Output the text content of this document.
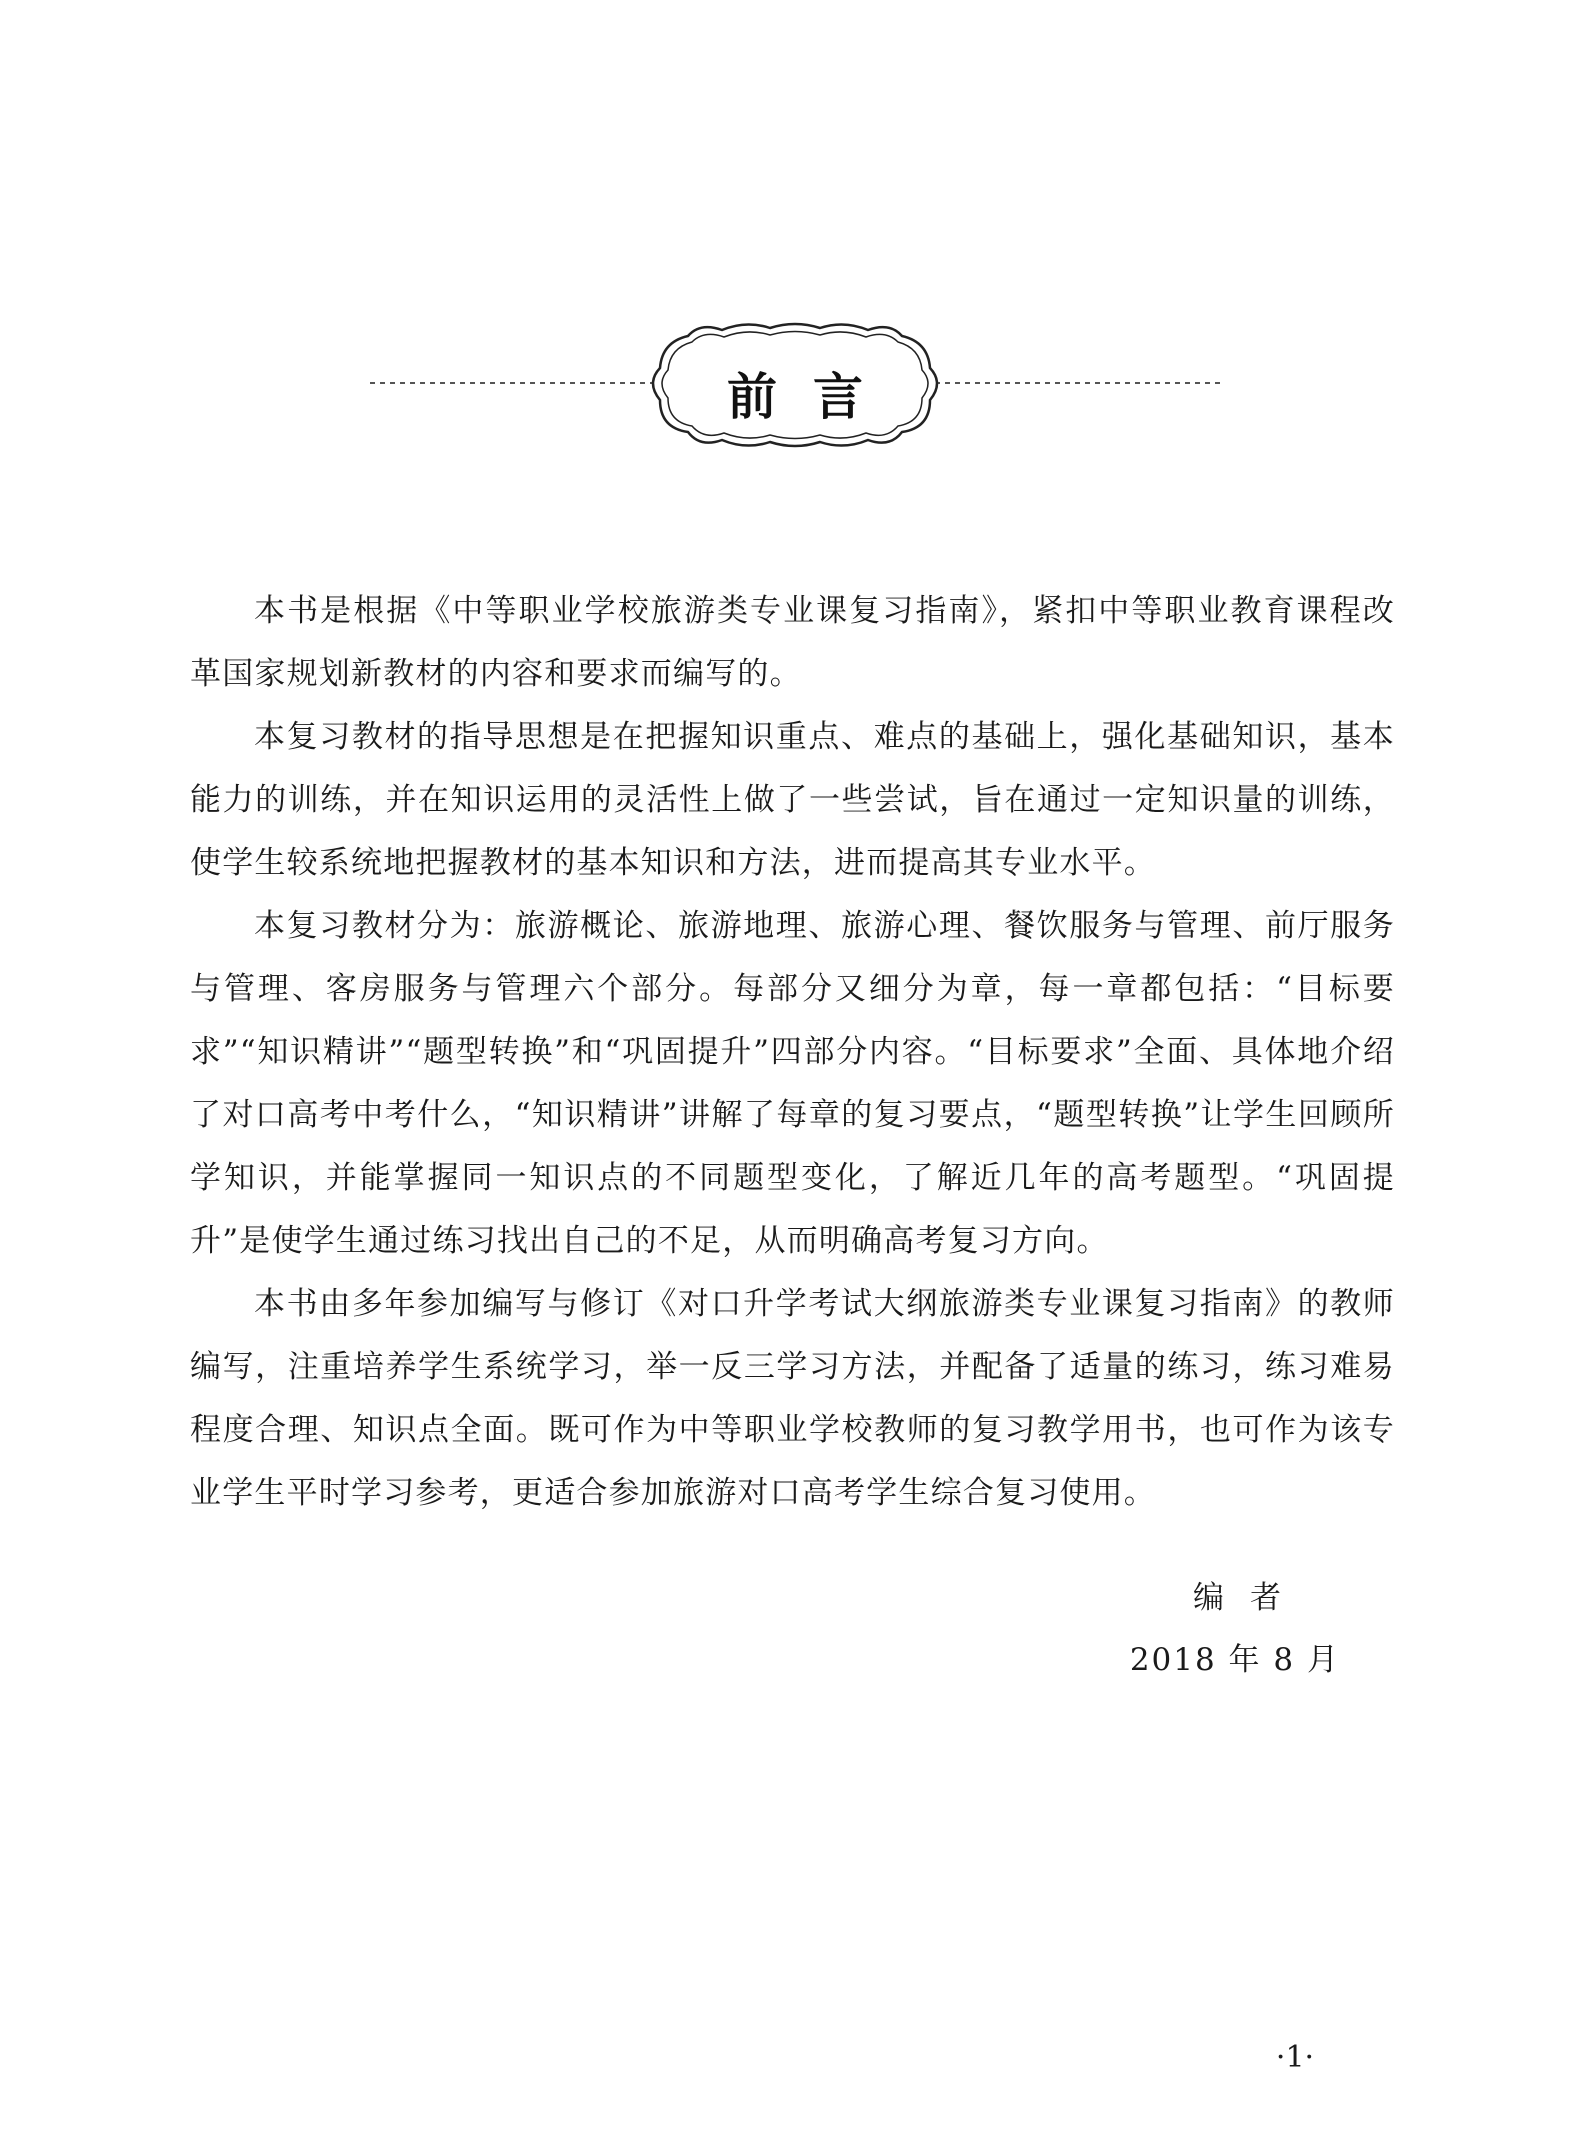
前言

本书是根据《中等职业学校旅游类专业课复习指南》，紧扣中等职业教育课程改革国家规划新教材的内容和要求而编写的。

本复习教材的指导思想是在把握知识重点、难点的基础上，强化基础知识，基本能力的训练，并在知识运用的灵活性上做了一些尝试，旨在通过一定知识量的训练，使学生较系统地把握教材的基本知识和方法，进而提高其专业水平。

本复习教材分为：旅游概论、旅游地理、旅游心理、餐饮服务与管理、前厅服务与管理、客房服务与管理六个部分。每部分又细分为章，每一章都包括：“目标要求”“知识精讲”“题型转换”和“巩固提升”四部分内容。“目标要求”全面、具体地介绍了对口高考中考什么，“知识精讲”讲解了每章的复习要点，“题型转换”让学生回顾所学知识，并能掌握同一知识点的不同题型变化，了解近几年的高考题型。“巩固提升”是使学生通过练习找出自己的不足，从而明确高考复习方向。

本书由多年参加编写与修订《对口升学考试大纲旅游类专业课复习指南》的教师编写，注重培养学生系统学习，举一反三学习方法，并配备了适量的练习，练习难易程度合理、知识点全面。既可作为中等职业学校教师的复习教学用书，也可作为该专业学生平时学习参考，更适合参加旅游对口高考学生综合复习使用。

编者
2018 年 8 月
·1·
